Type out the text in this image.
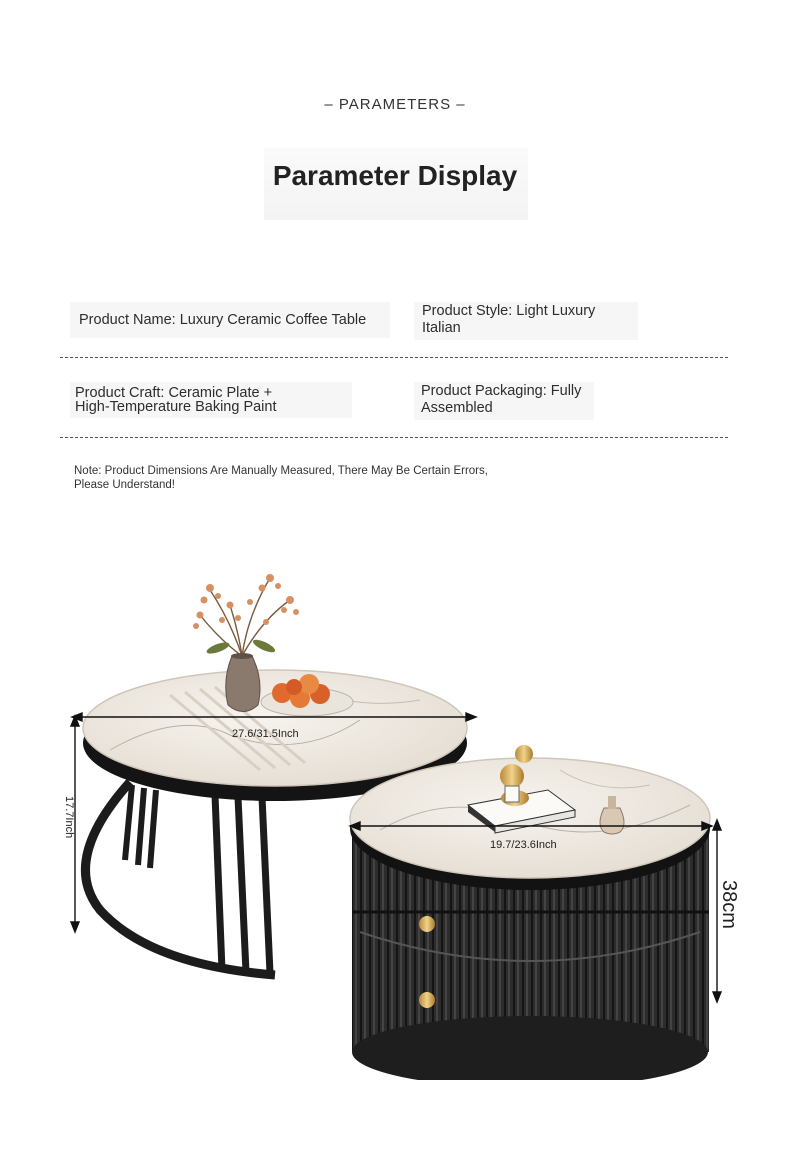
– PARAMETERS –
Parameter Display
Product Name: Luxury Ceramic Coffee Table
Product Style: Light Luxury
Italian
Product Craft: Ceramic Plate +
High-Temperature Baking Paint
Product Packaging: Fully
Assembled
Note: Product Dimensions Are Manually Measured, There May Be Certain Errors,
Please Understand!
27.6/31.5Inch
19.7/23.6Inch
17.7Inch
38cm
